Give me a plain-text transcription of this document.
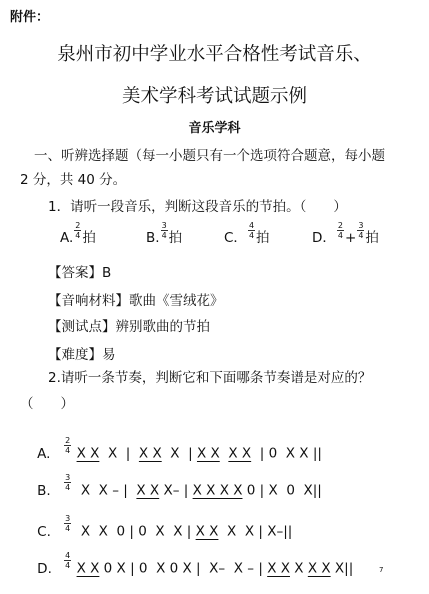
附件：
泉州市初中学业水平合格性考试音乐、
美术学科考试试题示例
音乐学科
一、听辨选择题（每一小题只有一个选项符合题意，每小题
2 分，共 40 分。
1．请听一段音乐，判断这段音乐的节拍。（　　）
A. $\frac{2}{4}$ 拍	B. $\frac{3}{4}$ 拍	C． $\frac{4}{4}$ 拍	D． $\frac{2}{4} + \frac{3}{4}$ 拍
【答案】B
【音响材料】歌曲《雪绒花》
【测试点】辨别歌曲的节拍
【难度】易
2.请听一条节奏，判断它和下面哪条节奏谱是对应的？
（　　）

A. $\frac{2}{4}$ X X  X  |  X X  X  | X X X X  | 0  X X ||

B. $\frac{3}{4}$ X  X – |  X X X– | X X X X 0 | X  0  X||

C. $\frac{3}{4}$ X  X  0 | 0  X  X | X X  X  X | X–||

D. $\frac{4}{4}$ X X 0 X | 0  X 0 X |  X–  X – | X X X X X X||
	7
